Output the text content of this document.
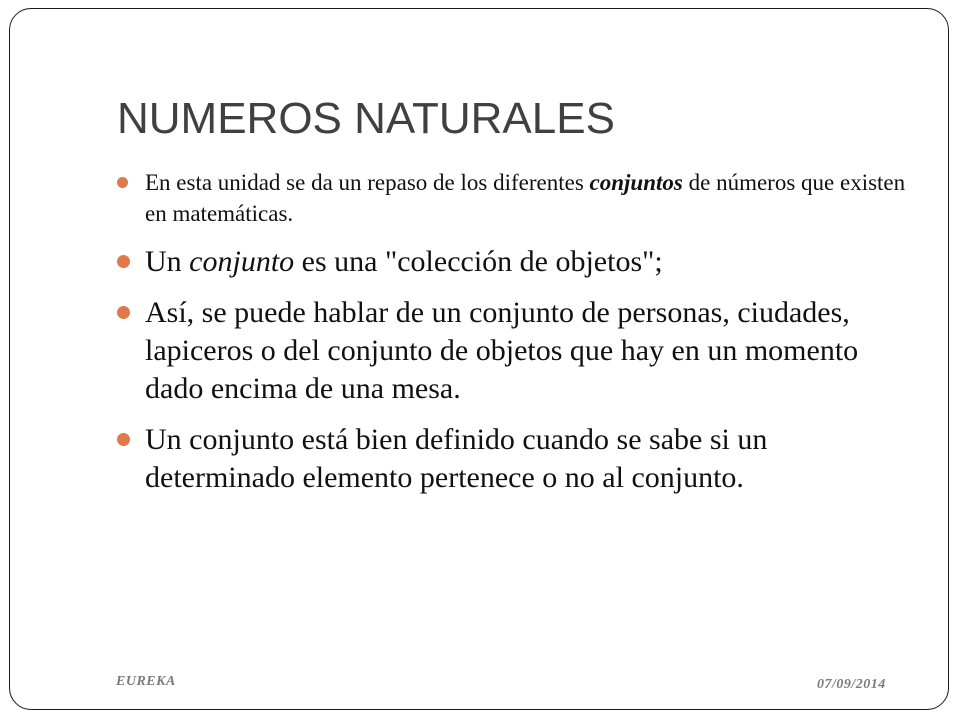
NUMEROS NATURALES
En esta unidad se da un repaso de los diferentes conjuntos de números que existen en matemáticas.
Un conjunto es una "colección de objetos";
Así, se puede hablar de un conjunto de personas, ciudades, lapiceros o del conjunto de objetos que hay en un momento dado encima de una mesa.
Un conjunto está bien definido cuando se sabe si un determinado elemento pertenece o no al conjunto.
EUREKA	07/09/2014
